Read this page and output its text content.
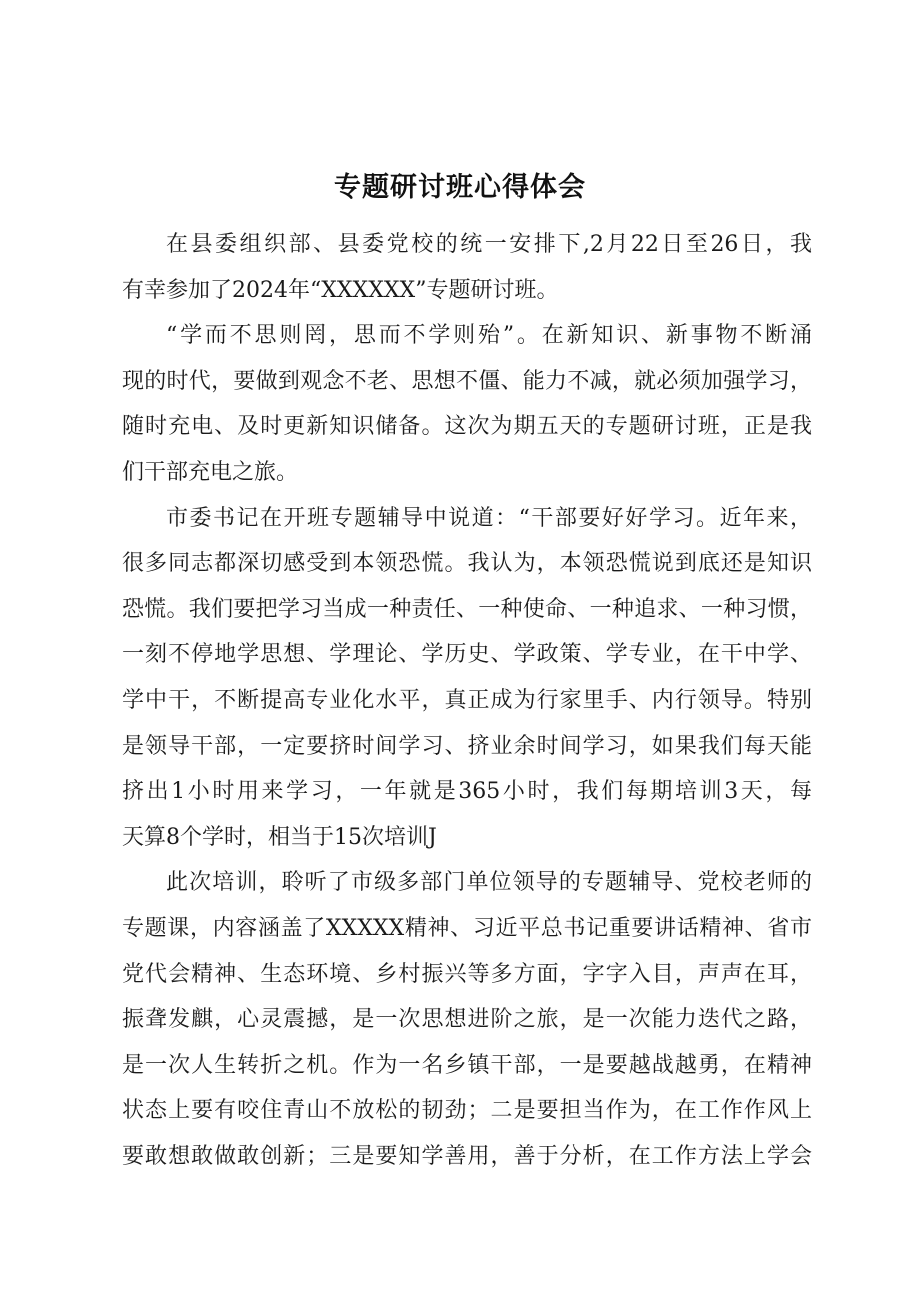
专题研讨班心得体会
在县委组织部、县委党校的统一安排下,2月22日至26日，我
有幸参加了2024年“XXXXXX”专题研讨班。
“学而不思则罔，思而不学则殆”。在新知识、新事物不断涌
现的时代，要做到观念不老、思想不僵、能力不减，就必须加强学习，
随时充电、及时更新知识储备。这次为期五天的专题研讨班，正是我
们干部充电之旅。
市委书记在开班专题辅导中说道：“干部要好好学习。近年来，
很多同志都深切感受到本领恐慌。我认为，本领恐慌说到底还是知识
恐慌。我们要把学习当成一种责任、一种使命、一种追求、一种习惯，
一刻不停地学思想、学理论、学历史、学政策、学专业，在干中学、
学中干，不断提高专业化水平，真正成为行家里手、内行领导。特别
是领导干部，一定要挤时间学习、挤业余时间学习，如果我们每天能
挤出1小时用来学习，一年就是365小时，我们每期培训3天，每
天算8个学时，相当于15次培训J
此次培训，聆听了市级多部门单位领导的专题辅导、党校老师的
专题课，内容涵盖了XXXXX精神、习近平总书记重要讲话精神、省市
党代会精神、生态环境、乡村振兴等多方面，字字入目，声声在耳，
振聋发麒，心灵震撼，是一次思想进阶之旅，是一次能力迭代之路，
是一次人生转折之机。作为一名乡镇干部，一是要越战越勇，在精神
状态上要有咬住青山不放松的韧劲；二是要担当作为，在工作作风上
要敢想敢做敢创新；三是要知学善用，善于分析，在工作方法上学会
